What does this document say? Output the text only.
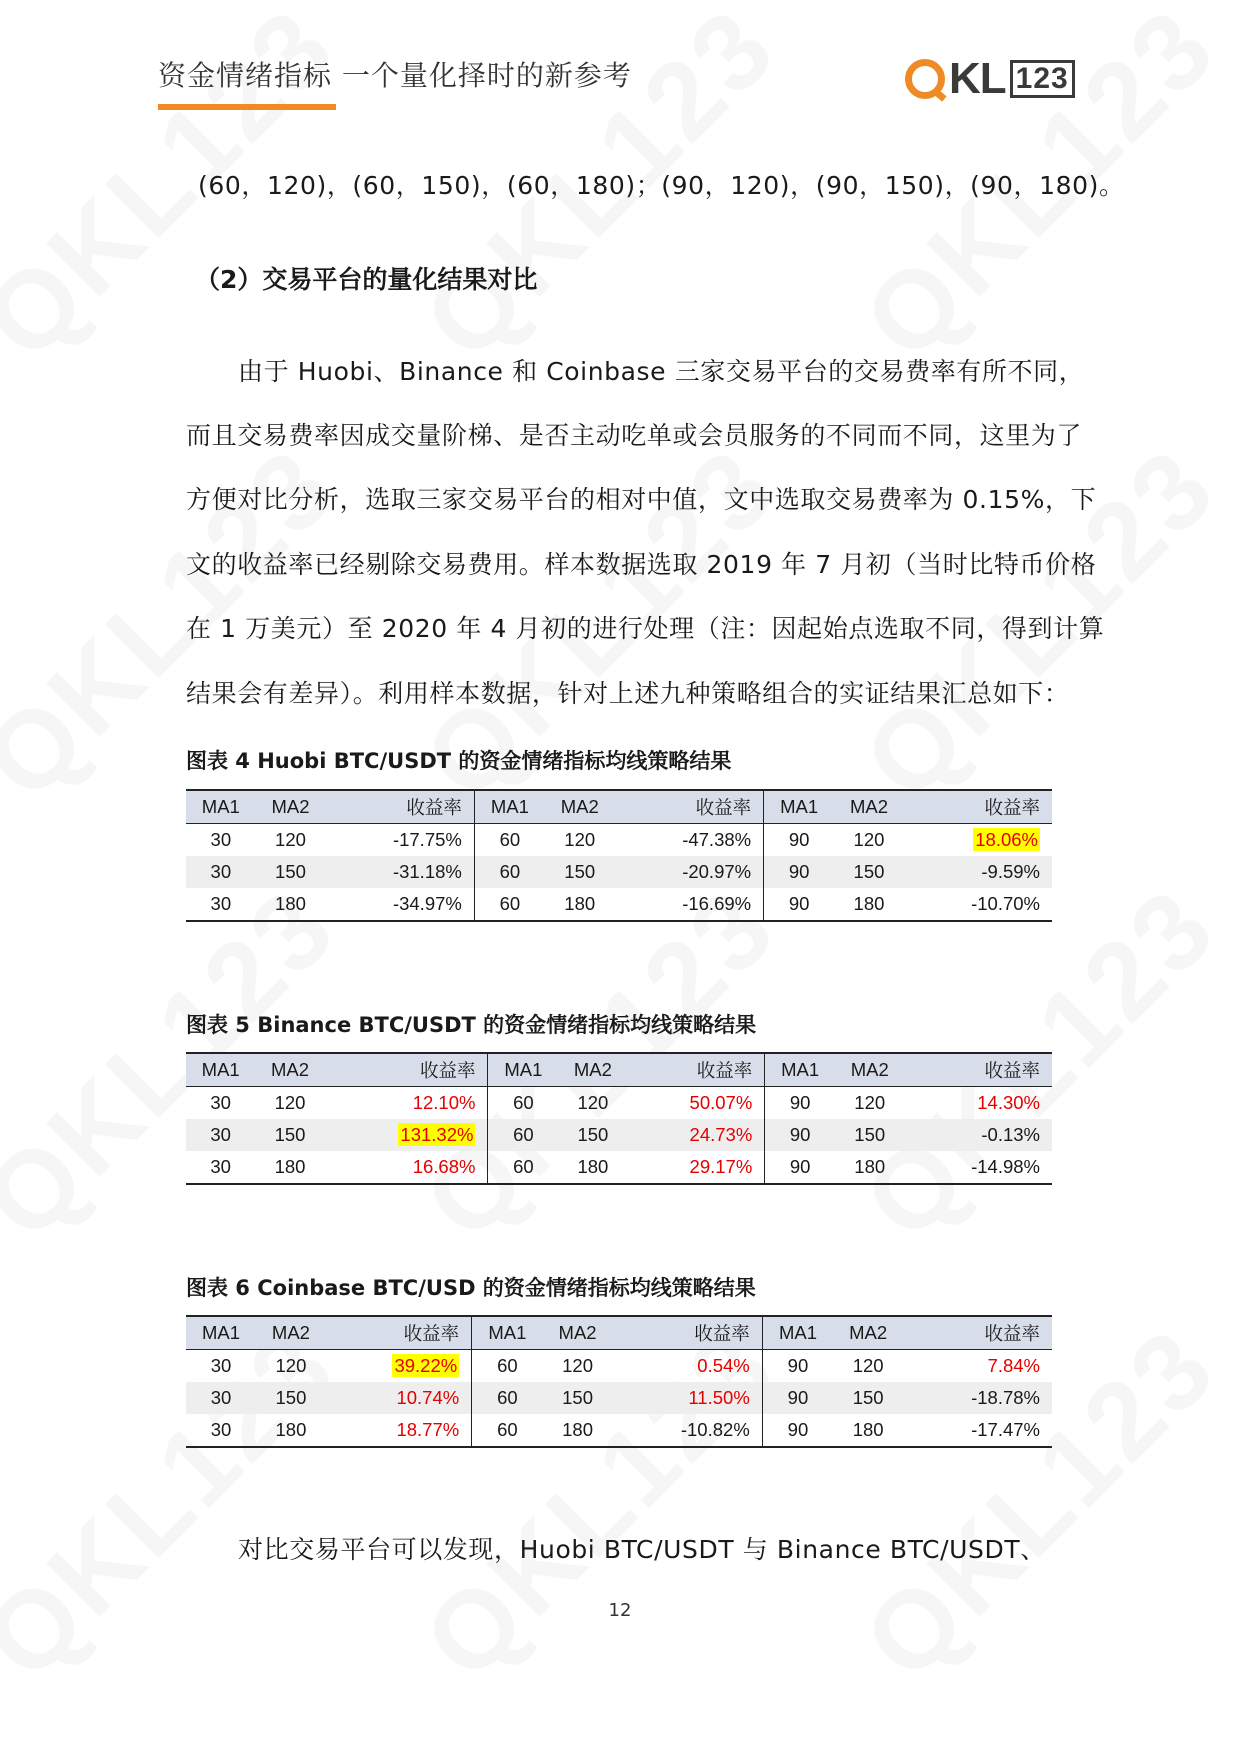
资金情绪指标 一个量化择时的新参考	KL 123
(60，120)，(60，150)，(60，180)；(90，120)，(90，150)，(90，180)。
（2）交易平台的量化结果对比
由于 Huobi、Binance 和 Coinbase 三家交易平台的交易费率有所不同，
而且交易费率因成交量阶梯、是否主动吃单或会员服务的不同而不同，这里为了
方便对比分析，选取三家交易平台的相对中值，文中选取交易费率为 0.15%，下
文的收益率已经剔除交易费用。样本数据选取 2019 年 7 月初（当时比特币价格
在 1 万美元）至 2020 年 4 月初的进行处理（注：因起始点选取不同，得到计算
结果会有差异）。利用样本数据，针对上述九种策略组合的实证结果汇总如下：
图表 4 Huobi BTC/USDT 的资金情绪指标均线策略结果
MA1	MA2	收益率	MA1	MA2	收益率	MA1	MA2	收益率
30	120	-17.75%	60	120	-47.38%	90	120	18.06%
30	150	-31.18%	60	150	-20.97%	90	150	-9.59%
30	180	-34.97%	60	180	-16.69%	90	180	-10.70%
图表 5 Binance BTC/USDT 的资金情绪指标均线策略结果
MA1	MA2	收益率	MA1	MA2	收益率	MA1	MA2	收益率
30	120	12.10%	60	120	50.07%	90	120	14.30%
30	150	131.32%	60	150	24.73%	90	150	-0.13%
30	180	16.68%	60	180	29.17%	90	180	-14.98%
图表 6 Coinbase BTC/USD 的资金情绪指标均线策略结果
MA1	MA2	收益率	MA1	MA2	收益率	MA1	MA2	收益率
30	120	39.22%	60	120	0.54%	90	120	7.84%
30	150	10.74%	60	150	11.50%	90	150	-18.78%
30	180	18.77%	60	180	-10.82%	90	180	-17.47%
对比交易平台可以发现，Huobi BTC/USDT 与 Binance BTC/USDT、
12
